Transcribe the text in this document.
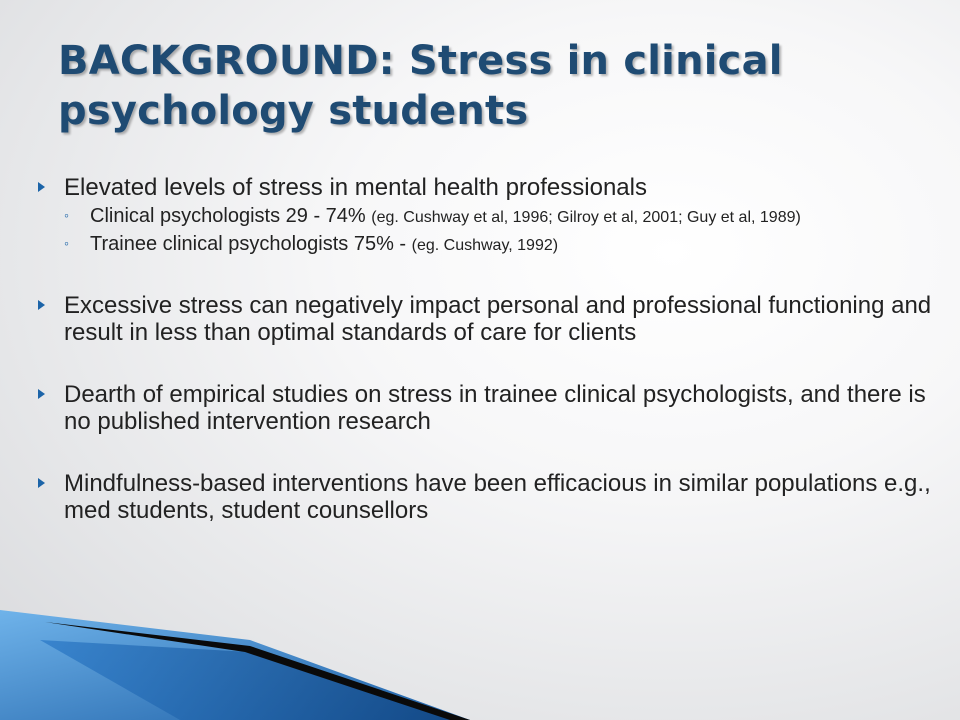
BACKGROUND: Stress in clinical psychology students
Elevated levels of stress in mental health professionals
◦ Clinical psychologists 29 - 74% (eg. Cushway et al, 1996; Gilroy et al, 2001; Guy et al, 1989)
◦ Trainee clinical psychologists 75% - (eg. Cushway, 1992)
Excessive stress can negatively impact personal and professional functioning and result in less than optimal standards of care for clients
Dearth of empirical studies on stress in trainee clinical psychologists, and there is no published intervention research
Mindfulness-based interventions have been efficacious in similar populations e.g., med students, student counsellors
